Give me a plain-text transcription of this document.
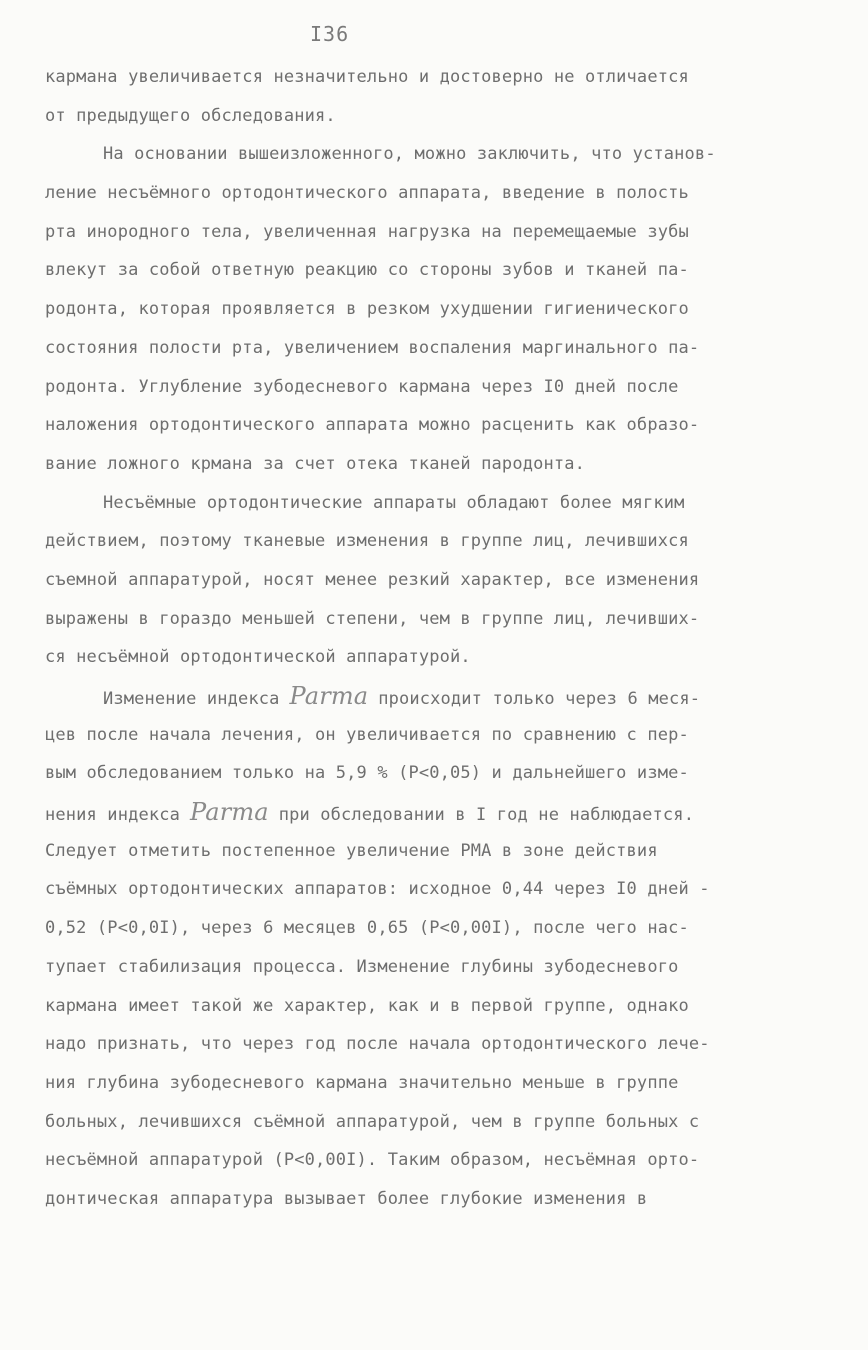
I36
кармана увеличивается незначительно и достоверно не отличается
от предыдущего обследования.
На основании вышеизложенного, можно заключить, что установ-
ление несъёмного ортодонтического аппарата, введение в полость
рта инородного тела, увеличенная нагрузка на перемещаемые зубы
влекут за собой ответную реакцию со стороны зубов и тканей па-
родонта, которая проявляется в резком ухудшении гигиенического
состояния полости рта, увеличением воспаления маргинального па-
родонта. Углубление зубодесневого кармана через I0 дней после
наложения ортодонтического аппарата можно расценить как образо-
вание ложного крмана за счет отека тканей пародонта.
Несъёмные ортодонтические аппараты обладают более мягким
действием, поэтому тканевые изменения в группе лиц, лечившихся
съемной аппаратурой, носят менее резкий характер, все изменения
выражены в гораздо меньшей степени, чем в группе лиц, лечивших-
ся несъёмной ортодонтической аппаратурой.
Изменение индекса Parma происходит только через 6 меся-
цев после начала лечения, он увеличивается по сравнению с пер-
вым обследованием только на 5,9 % (P<0,05) и дальнейшего изме-
нения индекса Parma при обследовании в I год не наблюдается.
Следует отметить постепенное увеличение РМА в зоне действия
съёмных ортодонтических аппаратов: исходное 0,44 через I0 дней -
0,52 (P<0,0I), через 6 месяцев 0,65 (P<0,00I), после чего нас-
тупает стабилизация процесса. Изменение глубины зубодесневого
кармана имеет такой же характер, как и в первой группе, однако
надо признать, что через год после начала ортодонтического лече-
ния глубина зубодесневого кармана значительно меньше в группе
больных, лечившихся съёмной аппаратурой, чем в группе больных с
несъёмной аппаратурой (P<0,00I). Таким образом, несъёмная орто-
донтическая аппаратура вызывает более глубокие изменения в
